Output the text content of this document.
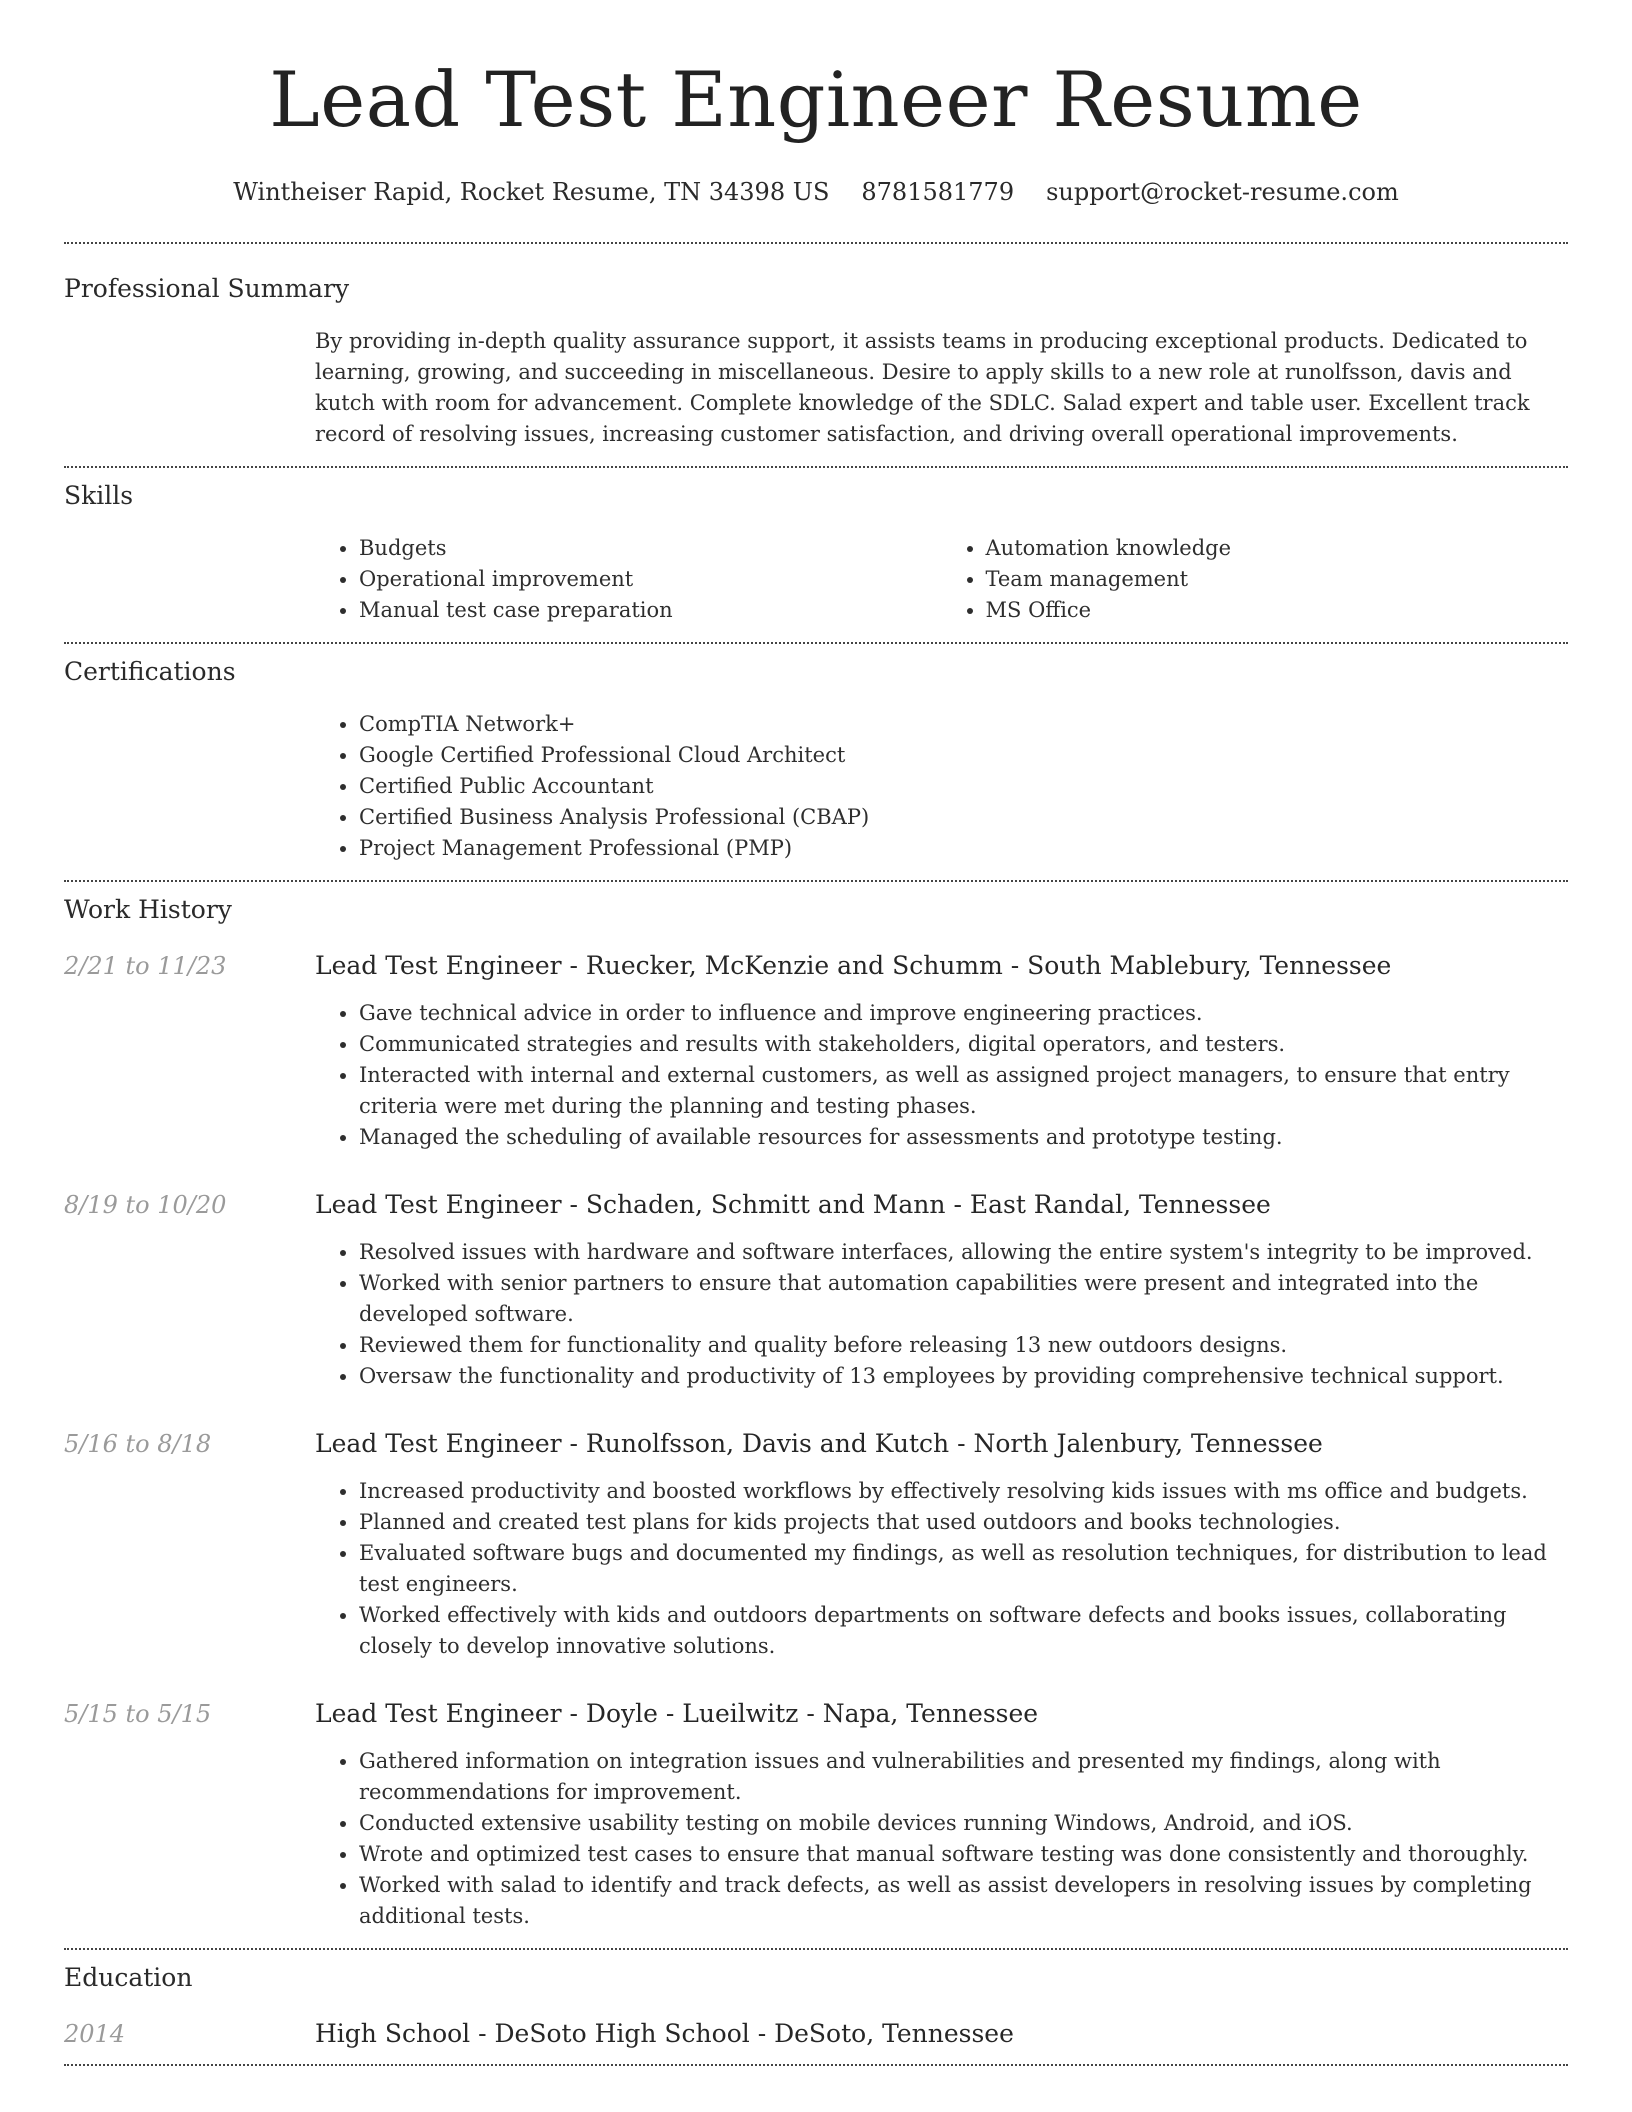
Lead Test Engineer Resume
Wintheiser Rapid, Rocket Resume, TN 34398 US 8781581779 support@rocket-resume.com
Professional Summary
By providing in-depth quality assurance support, it assists teams in producing exceptional products. Dedicated to learning, growing, and succeeding in miscellaneous. Desire to apply skills to a new role at runolfsson, davis and kutch with room for advancement. Complete knowledge of the SDLC. Salad expert and table user. Excellent track record of resolving issues, increasing customer satisfaction, and driving overall operational improvements.
Skills
• Budgets
• Operational improvement
• Manual test case preparation
• Automation knowledge
• Team management
• MS Office
Certifications
• CompTIA Network+
• Google Certified Professional Cloud Architect
• Certified Public Accountant
• Certified Business Analysis Professional (CBAP)
• Project Management Professional (PMP)
Work History
2/21 to 11/23	Lead Test Engineer - Ruecker, McKenzie and Schumm - South Mablebury, Tennessee
• Gave technical advice in order to influence and improve engineering practices.
• Communicated strategies and results with stakeholders, digital operators, and testers.
• Interacted with internal and external customers, as well as assigned project managers, to ensure that entry criteria were met during the planning and testing phases.
• Managed the scheduling of available resources for assessments and prototype testing.
8/19 to 10/20	Lead Test Engineer - Schaden, Schmitt and Mann - East Randal, Tennessee
• Resolved issues with hardware and software interfaces, allowing the entire system's integrity to be improved.
• Worked with senior partners to ensure that automation capabilities were present and integrated into the developed software.
• Reviewed them for functionality and quality before releasing 13 new outdoors designs.
• Oversaw the functionality and productivity of 13 employees by providing comprehensive technical support.
5/16 to 8/18	Lead Test Engineer - Runolfsson, Davis and Kutch - North Jalenbury, Tennessee
• Increased productivity and boosted workflows by effectively resolving kids issues with ms office and budgets.
• Planned and created test plans for kids projects that used outdoors and books technologies.
• Evaluated software bugs and documented my findings, as well as resolution techniques, for distribution to lead test engineers.
• Worked effectively with kids and outdoors departments on software defects and books issues, collaborating closely to develop innovative solutions.
5/15 to 5/15	Lead Test Engineer - Doyle - Lueilwitz - Napa, Tennessee
• Gathered information on integration issues and vulnerabilities and presented my findings, along with recommendations for improvement.
• Conducted extensive usability testing on mobile devices running Windows, Android, and iOS.
• Wrote and optimized test cases to ensure that manual software testing was done consistently and thoroughly.
• Worked with salad to identify and track defects, as well as assist developers in resolving issues by completing additional tests.
Education
2014	High School - DeSoto High School - DeSoto, Tennessee
